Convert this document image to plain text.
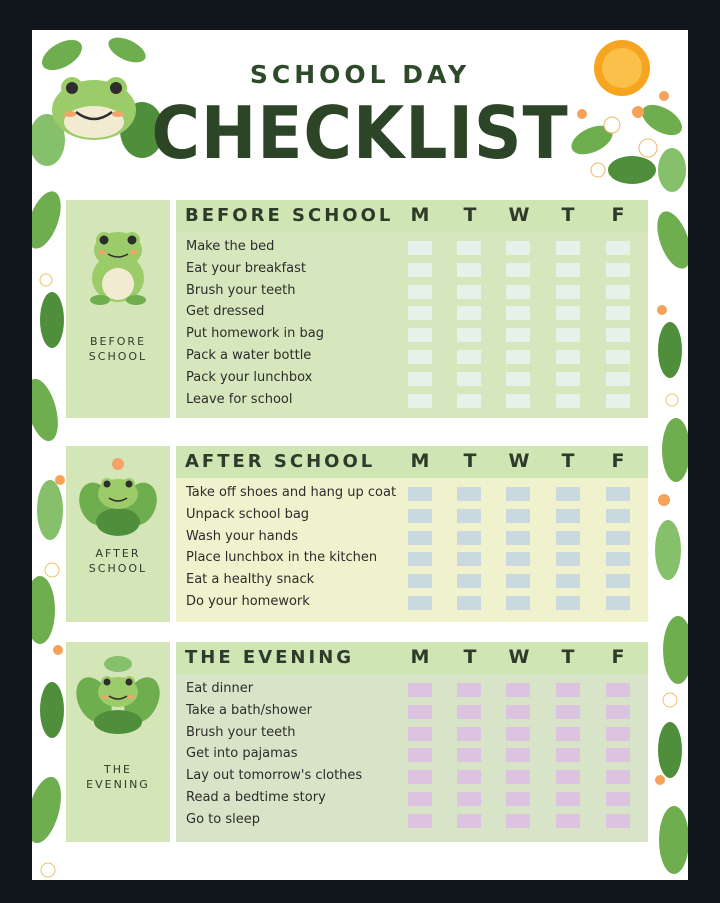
SCHOOL DAY
CHECKLIST
BEFORE
SCHOOL
BEFORE SCHOOL M	T	W	T	F
Make the bed
Eat your breakfast
Brush your teeth
Get dressed
Put homework in bag
Pack a water bottle
Pack your lunchbox
Leave for school
AFTER
SCHOOL
AFTER SCHOOL M	T	W	T	F
Take off shoes and hang up coat
Unpack school bag
Wash your hands
Place lunchbox in the kitchen
Eat a healthy snack
Do your homework
THE
EVENING
THE EVENING	M	T	W	T	F
Eat dinner
Take a bath/shower
Brush your teeth
Get into pajamas
Lay out tomorrow's clothes
Read a bedtime story
Go to sleep
